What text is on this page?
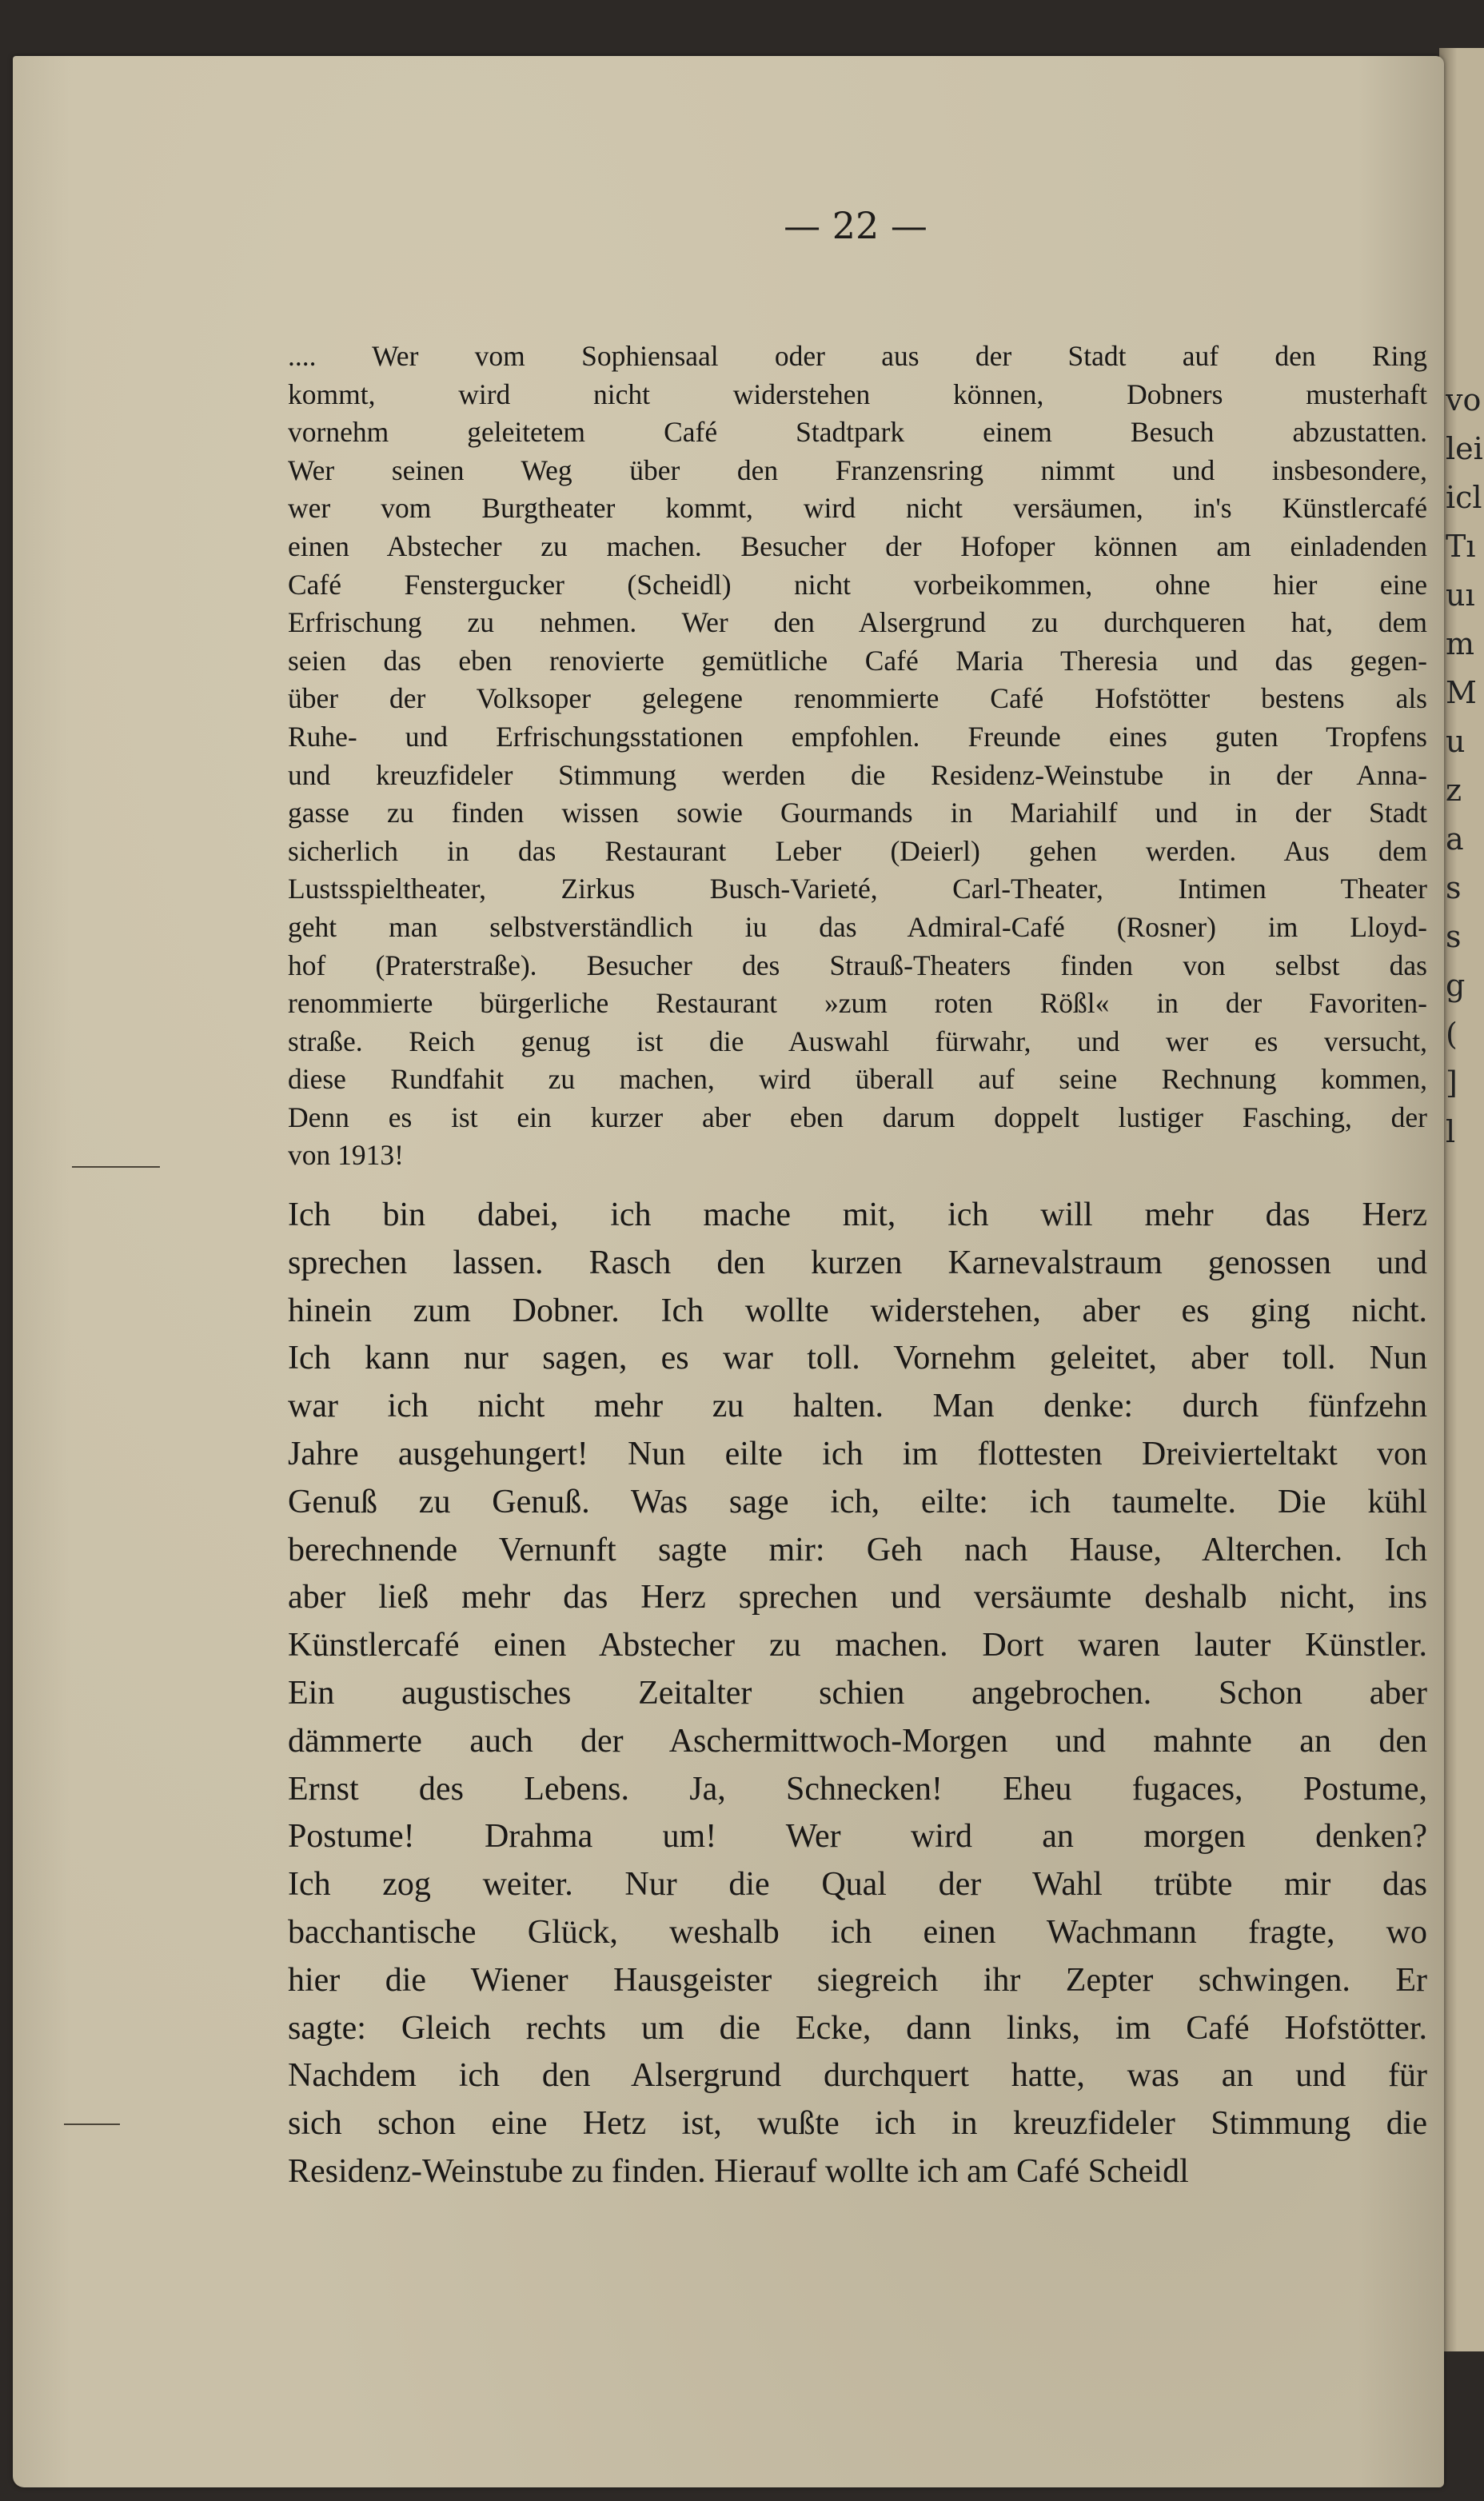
vo
lei
icl
Tı
uı
m
M
u
z
a
s
s
g
(
]
l
— 22 —
.... Wer vom Sophiensaal oder aus der Stadt auf den Ring
kommt, wird nicht widerstehen können, Dobners musterhaft
vornehm geleitetem Café Stadtpark einem Besuch abzustatten.
Wer seinen Weg über den Franzensring nimmt und insbesondere,
wer vom Burgtheater kommt, wird nicht versäumen, in's Künstlercafé
einen Abstecher zu machen. Besucher der Hofoper können am einladenden
Café Fenstergucker (Scheidl) nicht vorbeikommen, ohne hier eine
Erfrischung zu nehmen. Wer den Alsergrund zu durchqueren hat, dem
seien das eben renovierte gemütliche Café Maria Theresia und das gegen-
über der Volksoper gelegene renommierte Café Hofstötter bestens als
Ruhe- und Erfrischungsstationen empfohlen. Freunde eines guten Tropfens
und kreuzfideler Stimmung werden die Residenz-Weinstube in der Anna-
gasse zu finden wissen sowie Gourmands in Mariahilf und in der Stadt
sicherlich in das Restaurant Leber (Deierl) gehen werden. Aus dem
Lustsspieltheater, Zirkus Busch-Varieté, Carl-Theater, Intimen Theater
geht man selbstverständlich iu das Admiral-Café (Rosner) im Lloyd-
hof (Praterstraße). Besucher des Strauß-Theaters finden von selbst das
renommierte bürgerliche Restaurant »zum roten Rößl« in der Favoriten-
straße. Reich genug ist die Auswahl fürwahr, und wer es versucht,
diese Rundfahit zu machen, wird überall auf seine Rechnung kommen,
Denn es ist ein kurzer aber eben darum doppelt lustiger Fasching, der
von 1913!
Ich bin dabei, ich mache mit, ich will mehr das Herz
sprechen lassen. Rasch den kurzen Karnevalstraum genossen und
hinein zum Dobner. Ich wollte widerstehen, aber es ging nicht.
Ich kann nur sagen, es war toll. Vornehm geleitet, aber toll. Nun
war ich nicht mehr zu halten. Man denke: durch fünfzehn
Jahre ausgehungert! Nun eilte ich im flottesten Dreivierteltakt von
Genuß zu Genuß. Was sage ich, eilte: ich taumelte. Die kühl
berechnende Vernunft sagte mir: Geh nach Hause, Alterchen. Ich
aber ließ mehr das Herz sprechen und versäumte deshalb nicht, ins
Künstlercafé einen Abstecher zu machen. Dort waren lauter Künstler.
Ein augustisches Zeitalter schien angebrochen. Schon aber
dämmerte auch der Aschermittwoch-Morgen und mahnte an den
Ernst des Lebens. Ja, Schnecken! Eheu fugaces, Postume,
Postume! Drahma um! Wer wird an morgen denken?
Ich zog weiter. Nur die Qual der Wahl trübte mir das
bacchantische Glück, weshalb ich einen Wachmann fragte, wo
hier die Wiener Hausgeister siegreich ihr Zepter schwingen. Er
sagte: Gleich rechts um die Ecke, dann links, im Café Hofstötter.
Nachdem ich den Alsergrund durchquert hatte, was an und für
sich schon eine Hetz ist, wußte ich in kreuzfideler Stimmung die
Residenz-Weinstube zu finden. Hierauf wollte ich am Café Scheidl
